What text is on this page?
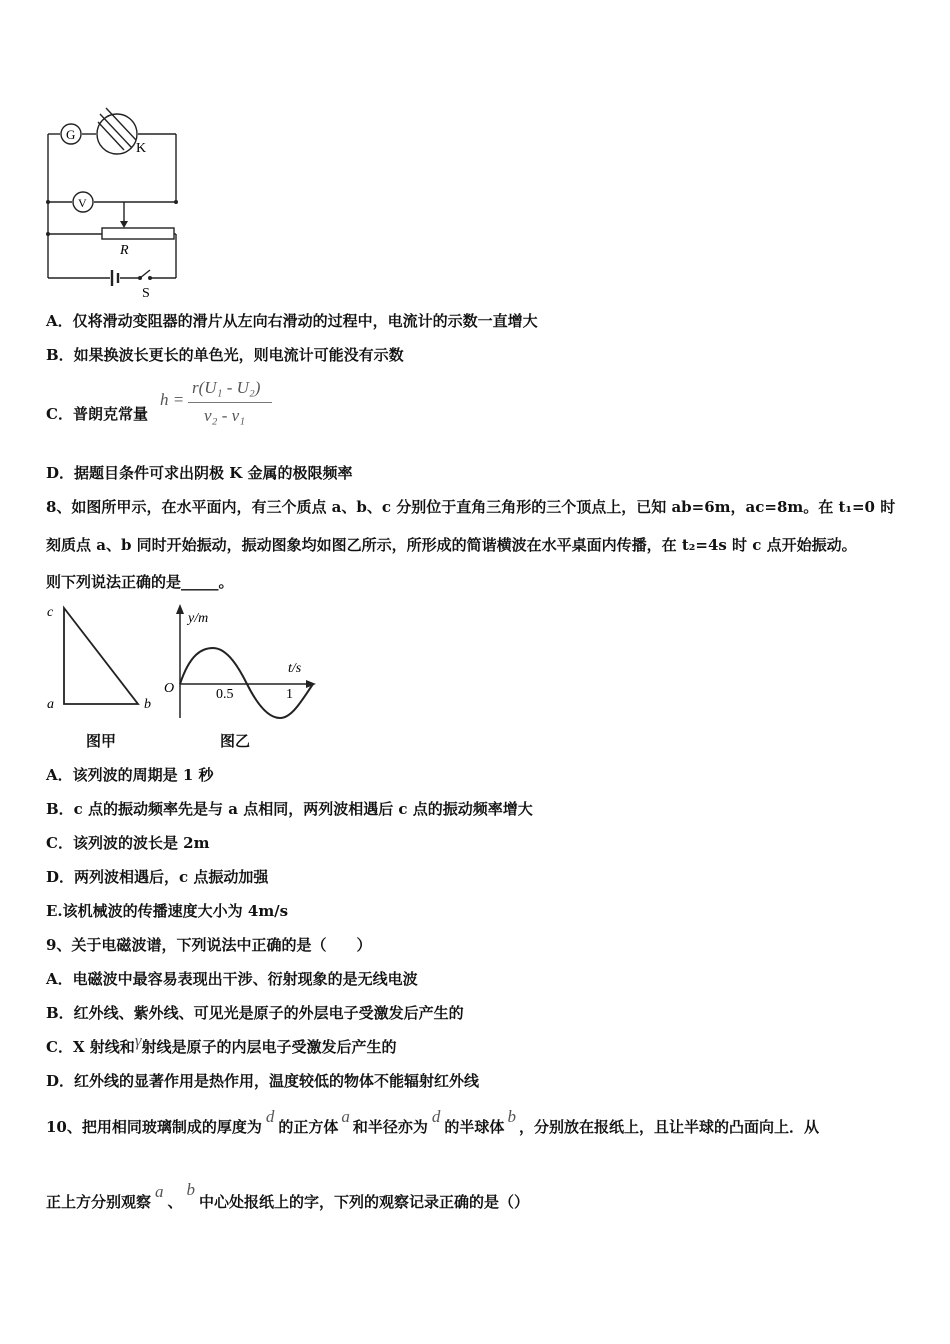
G
V
K
R
S
A．仅将滑动变阻器的滑片从左向右滑动的过程中，电流计的示数一直增大
B．如果换波长更长的单色光，则电流计可能没有示数
C．普朗克常量
h =
r(U₁ - U₂)
ν₂ - ν₁
D．据题目条件可求出阴极 K 金属的极限频率
8、如图所甲示，在水平面内，有三个质点 a、b、c 分别位于直角三角形的三个顶点上，已知 ab=6m，ac=8m。在 t₁=0 时
刻质点 a、b 同时开始振动，振动图象均如图乙所示，所形成的简谐横波在水平桌面内传播，在 t₂=4s 时 c 点开始振动。
则下列说法正确的是_____。
c
a	b
图甲
y/m
t/s
O	0.5	1
图乙
A．该列波的周期是 1 秒
B．c 点的振动频率先是与 a 点相同，两列波相遇后 c 点的振动频率增大
C．该列波的波长是 2m
D．两列波相遇后，c 点振动加强
E.该机械波的传播速度大小为 4m/s
9、关于电磁波谱，下列说法中正确的是（　　）
A．电磁波中最容易表现出干涉、衍射现象的是无线电波
B．红外线、紫外线、可见光是原子的外层电子受激发后产生的
C．X 射线和γ射线是原子的内层电子受激发后产生的
D．红外线的显著作用是热作用，温度较低的物体不能辐射红外线
10、把用相同玻璃制成的厚度为d的正方体a和半径亦为d的半球体b，分别放在报纸上，且让半球的凸面向上．从
正上方分别观察a、b中心处报纸上的字，下列的观察记录正确的是（）
